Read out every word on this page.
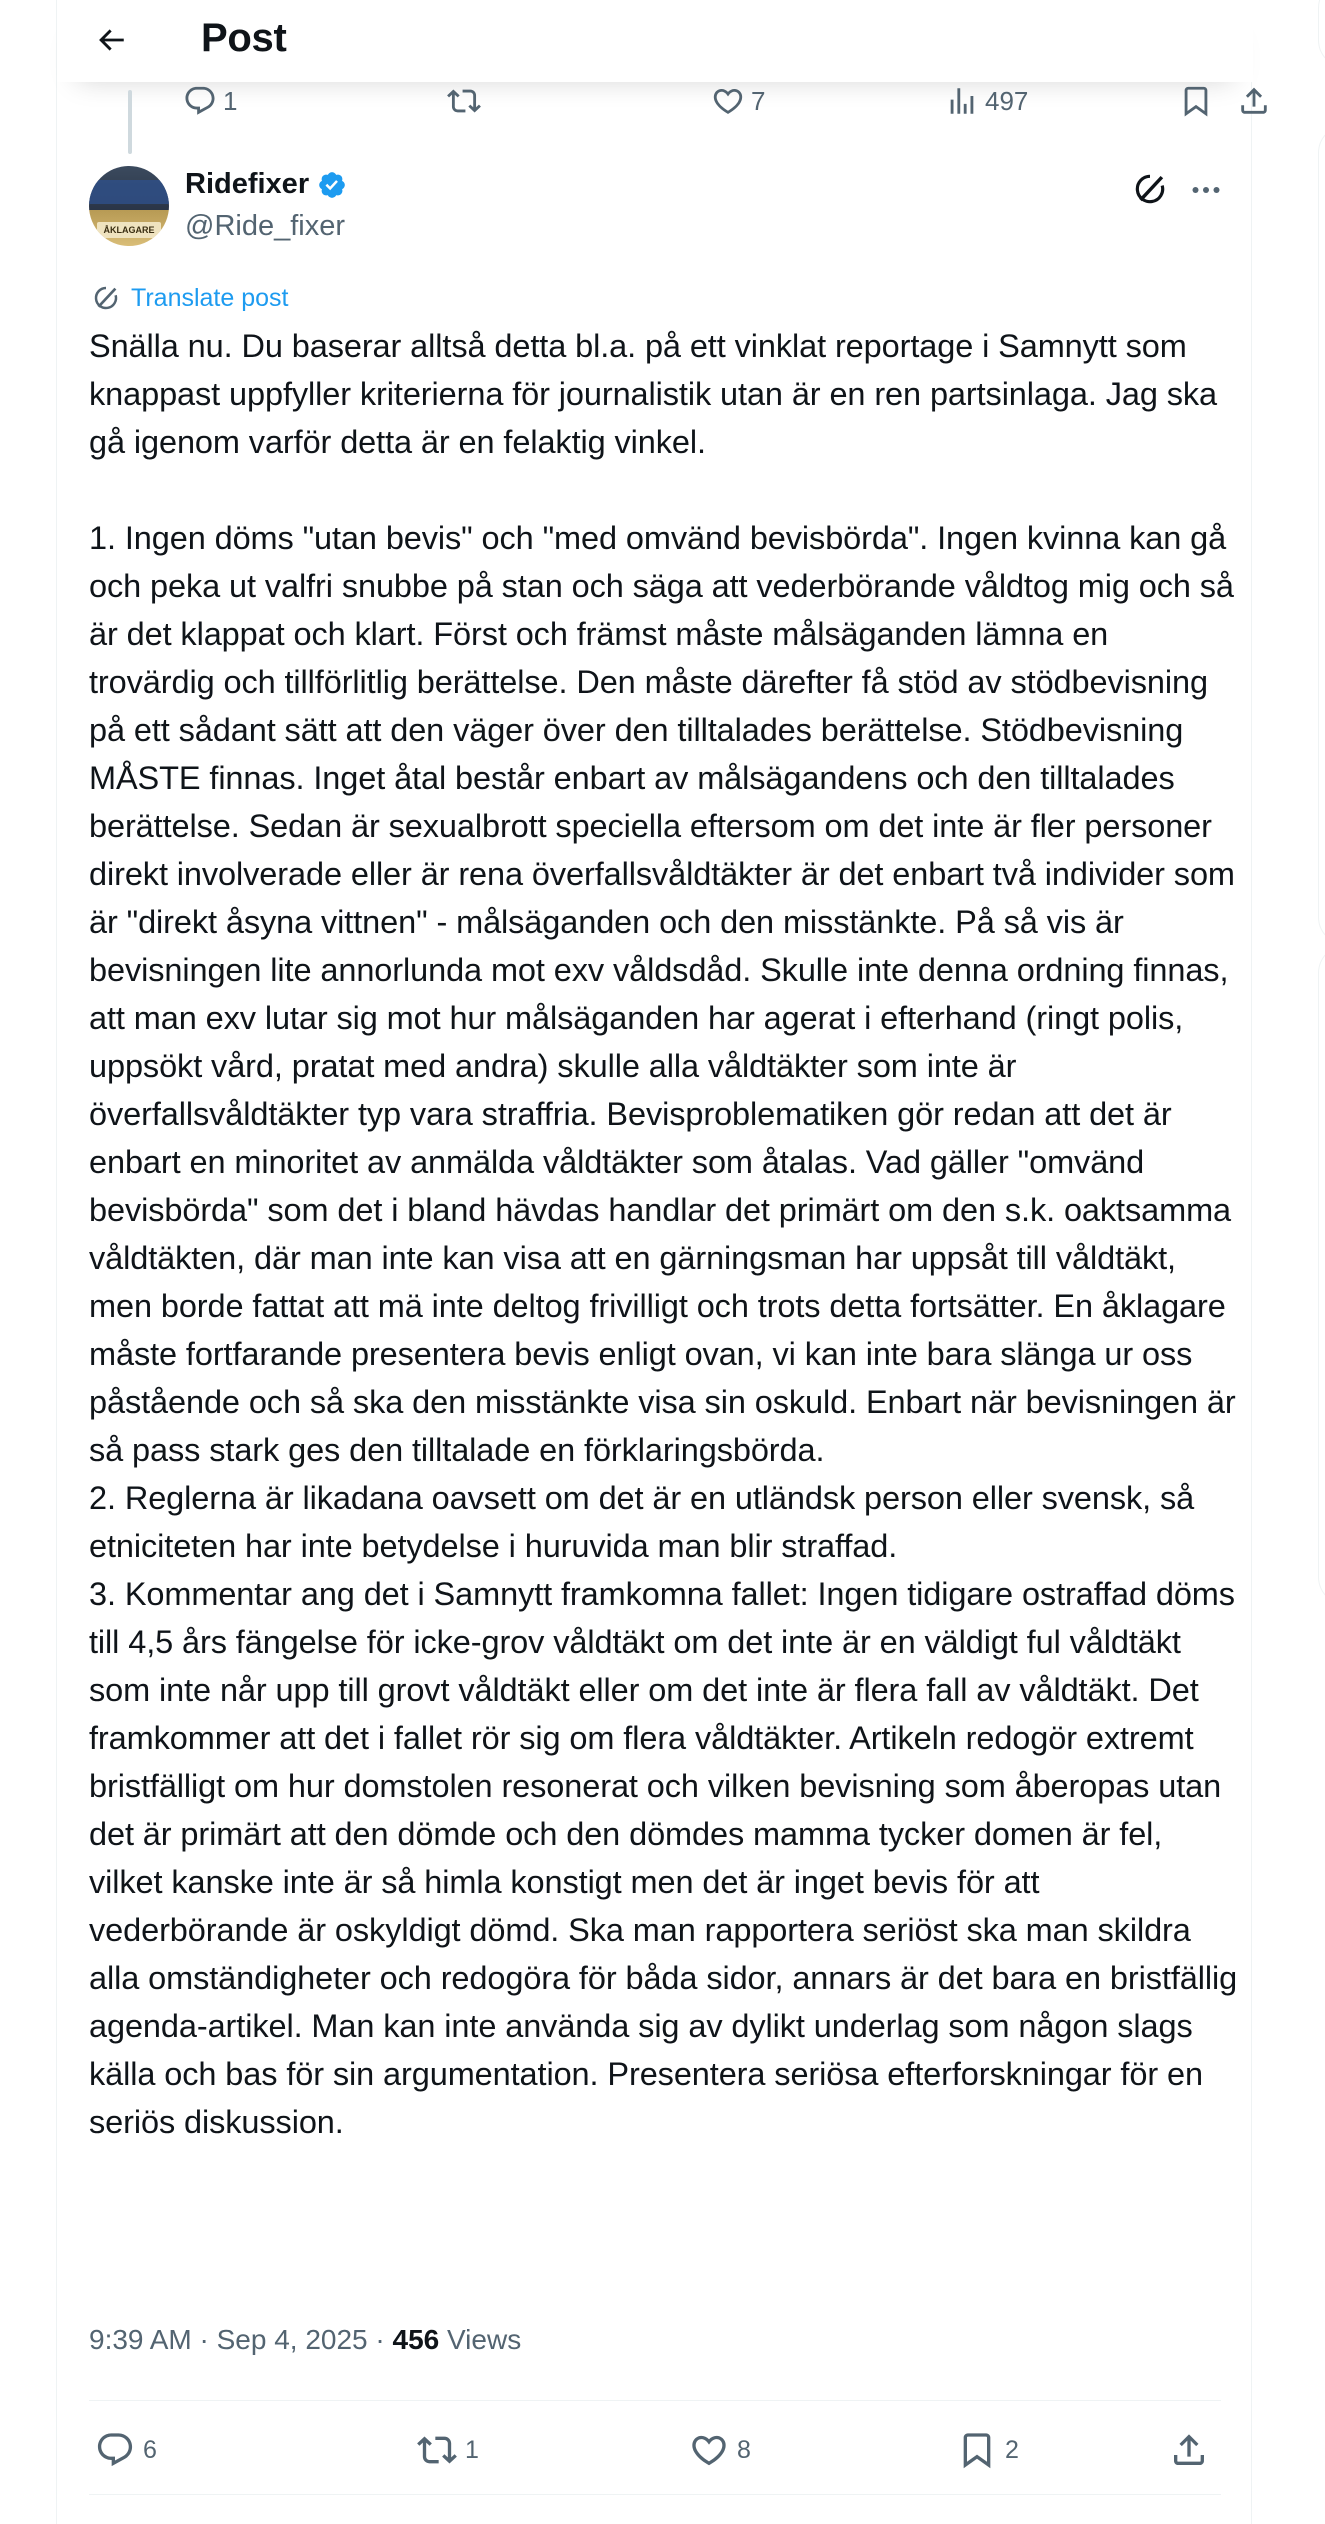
Post
1	7	497
ÅKLAGARE
Ridefixer
@Ride_fixer
Translate post
Snälla nu. Du baserar alltså detta bl.a. på ett vinklat reportage i Samnytt som knappast uppfyller kriterierna för journalistik utan är en ren partsinlaga. Jag ska gå igenom varför detta är en felaktig vinkel.

1. Ingen döms "utan bevis" och "med omvänd bevisbörda". Ingen kvinna kan gå och peka ut valfri snubbe på stan och säga att vederbörande våldtog mig och så är det klappat och klart. Först och främst måste målsäganden lämna en trovärdig och tillförlitlig berättelse. Den måste därefter få stöd av stödbevisning på ett sådant sätt att den väger över den tilltalades berättelse. Stödbevisning MÅSTE finnas. Inget åtal består enbart av målsägandens och den tilltalades berättelse. Sedan är sexualbrott speciella eftersom om det inte är fler personer direkt involverade eller är rena överfallsvåldtäkter är det enbart två individer som är "direkt åsyna vittnen" - målsäganden och den misstänkte. På så vis är bevisningen lite annorlunda mot exv våldsdåd. Skulle inte denna ordning finnas, att man exv lutar sig mot hur målsäganden har agerat i efterhand (ringt polis, uppsökt vård, pratat med andra) skulle alla våldtäkter som inte är överfallsvåldtäkter typ vara straffria. Bevisproblematiken gör redan att det är enbart en minoritet av anmälda våldtäkter som åtalas. Vad gäller "omvänd bevisbörda" som det i bland hävdas handlar det primärt om den s.k. oaktsamma våldtäkten, där man inte kan visa att en gärningsman har uppsåt till våldtäkt, men borde fattat att mä inte deltog frivilligt och trots detta fortsätter. En åklagare måste fortfarande presentera bevis enligt ovan, vi kan inte bara slänga ur oss påstående och så ska den misstänkte visa sin oskuld. Enbart när bevisningen är så pass stark ges den tilltalade en förklaringsbörda.
2. Reglerna är likadana oavsett om det är en utländsk person eller svensk, så etniciteten har inte betydelse i huruvida man blir straffad.
3. Kommentar ang det i Samnytt framkomna fallet: Ingen tidigare ostraffad döms till 4,5 års fängelse för icke-grov våldtäkt om det inte är en väldigt ful våldtäkt som inte når upp till grovt våldtäkt eller om det inte är flera fall av våldtäkt. Det framkommer att det i fallet rör sig om flera våldtäkter. Artikeln redogör extremt bristfälligt om hur domstolen resonerat och vilken bevisning som åberopas utan det är primärt att den dömde och den dömdes mamma tycker domen är fel, vilket kanske inte är så himla konstigt men det är inget bevis för att vederbörande är oskyldigt dömd. Ska man rapportera seriöst ska man skildra alla omständigheter och redogöra för båda sidor, annars är det bara en bristfällig agenda-artikel. Man kan inte använda sig av dylikt underlag som någon slags källa och bas för sin argumentation. Presentera seriösa efterforskningar för en seriös diskussion.
9:39 AM · Sep 4, 2025 · 456 Views
6	1	8	2
